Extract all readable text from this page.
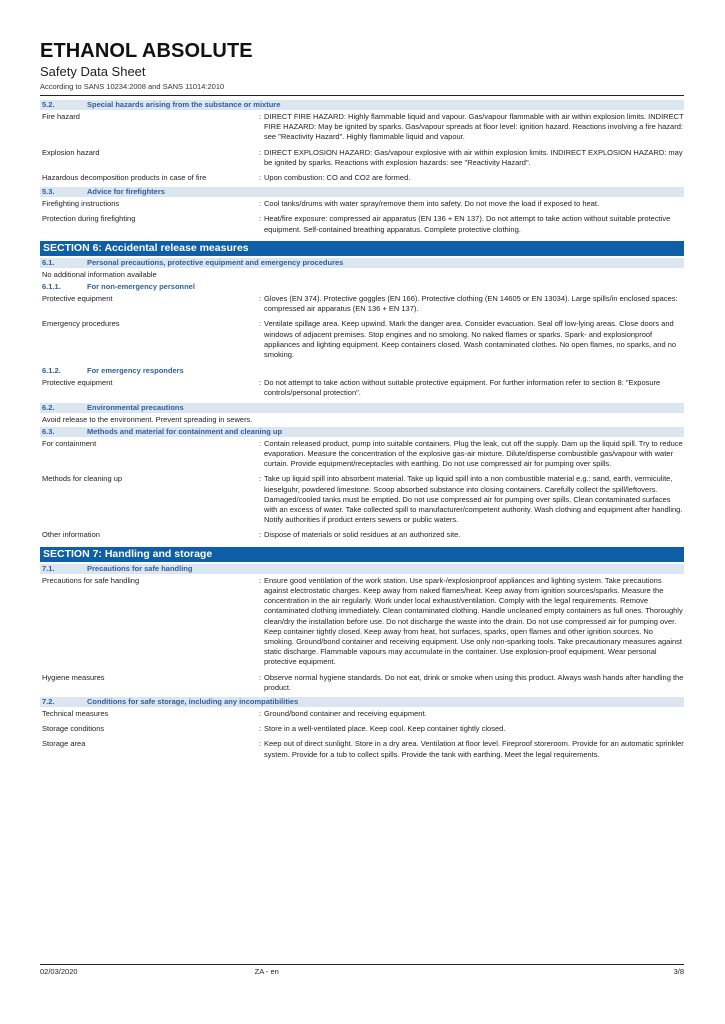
ETHANOL ABSOLUTE
Safety Data Sheet
According to SANS 10234:2008 and SANS 11014:2010
5.2.	Special hazards arising from the substance or mixture
Fire hazard	: DIRECT FIRE HAZARD: Highly flammable liquid and vapour. Gas/vapour flammable with air within explosion limits. INDIRECT FIRE HAZARD: May be ignited by sparks. Gas/vapour spreads at floor level: ignition hazard. Reactions involving a fire hazard: see "Reactivity Hazard". Highly flammable liquid and vapour.
Explosion hazard	: DIRECT EXPLOSION HAZARD: Gas/vapour explosive with air within explosion limits. INDIRECT EXPLOSION HAZARD: may be ignited by sparks. Reactions with explosion hazards: see "Reactivity Hazard".
Hazardous decomposition products in case of fire	: Upon combustion: CO and CO2 are formed.
5.3.	Advice for firefighters
Firefighting instructions	: Cool tanks/drums with water spray/remove them into safety. Do not move the load if exposed to heat.
Protection during firefighting	: Heat/fire exposure: compressed air apparatus (EN 136 + EN 137). Do not attempt to take action without suitable protective equipment. Self-contained breathing apparatus. Complete protective clothing.
SECTION 6: Accidental release measures
6.1.	Personal precautions, protective equipment and emergency procedures
No additional information available
6.1.1.	For non-emergency personnel
Protective equipment	: Gloves (EN 374). Protective goggles (EN 166). Protective clothing (EN 14605 or EN 13034). Large spills/in enclosed spaces: compressed air apparatus (EN 136 + EN 137).
Emergency procedures	: Ventilate spillage area. Keep upwind. Mark the danger area. Consider evacuation. Seal off low-lying areas. Close doors and windows of adjacent premises. Stop engines and no smoking. No naked flames or sparks. Spark- and explosionproof appliances and lighting equipment. Keep containers closed. Wash contaminated clothes. No open flames, no sparks, and no smoking.
6.1.2.	For emergency responders
Protective equipment	: Do not attempt to take action without suitable protective equipment. For further information refer to section 8: "Exposure controls/personal protection".
6.2.	Environmental precautions
Avoid release to the environment. Prevent spreading in sewers.
6.3.	Methods and material for containment and cleaning up
For containment	: Contain released product, pump into suitable containers. Plug the leak, cut off the supply. Dam up the liquid spill. Try to reduce evaporation. Measure the concentration of the explosive gas-air mixture. Dilute/disperse combustible gas/vapour with water curtain. Provide equipment/receptacles with earthing. Do not use compressed air for pumping over spills.
Methods for cleaning up	: Take up liquid spill into absorbent material. Take up liquid spill into a non combustible material e.g.: sand, earth, vermiculite, kieselguhr, powdered limestone. Scoop absorbed substance into closing containers. Carefully collect the spill/leftovers. Damaged/cooled tanks must be emptied. Do not use compressed air for pumping over spills. Clean contaminated surfaces with an excess of water. Take collected spill to manufacturer/competent authority. Wash clothing and equipment after handling. Notify authorities if product enters sewers or public waters.
Other information	: Dispose of materials or solid residues at an authorized site.
SECTION 7: Handling and storage
7.1.	Precautions for safe handling
Precautions for safe handling	: Ensure good ventilation of the work station. Use spark-/explosionproof appliances and lighting system. Take precautions against electrostatic charges. Keep away from naked flames/heat. Keep away from ignition sources/sparks. Measure the concentration in the air regularly. Work under local exhaust/ventilation. Comply with the legal requirements. Remove contaminated clothing immediately. Clean contaminated clothing. Handle uncleaned empty containers as full ones. Thoroughly clean/dry the installation before use. Do not discharge the waste into the drain. Do not use compressed air for pumping over. Keep container tightly closed. Keep away from heat, hot surfaces, sparks, open flames and other ignition sources. No smoking. Ground/bond container and receiving equipment. Use only non-sparking tools. Take precautionary measures against static discharge. Flammable vapours may accumulate in the container. Use explosion-proof equipment. Wear personal protective equipment.
Hygiene measures	: Observe normal hygiene standards. Do not eat, drink or smoke when using this product. Always wash hands after handling the product.
7.2.	Conditions for safe storage, including any incompatibilities
Technical measures	: Ground/bond container and receiving equipment.
Storage conditions	: Store in a well-ventilated place. Keep cool. Keep container tightly closed.
Storage area	: Keep out of direct sunlight. Store in a dry area. Ventilation at floor level. Fireproof storeroom. Provide for an automatic sprinkler system. Provide for a tub to collect spills. Provide the tank with earthing. Meet the legal requirements.
02/03/2020	ZA - en	3/8
